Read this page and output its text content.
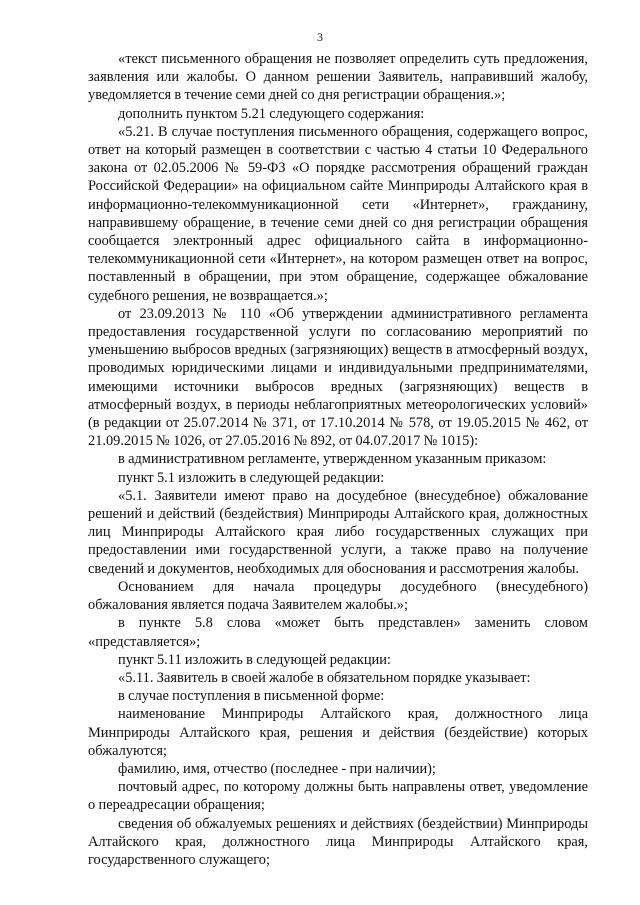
3

«текст письменного обращения не позволяет определить суть предложения, заявления или жалобы. О данном решении Заявитель, направивший жалобу, уведомляется в течение семи дней со дня регистрации обращения.»;

дополнить пунктом 5.21 следующего содержания:

«5.21. В случае поступления письменного обращения, содержащего вопрос, ответ на который размещен в соответствии с частью 4 статьи 10 Федерального закона от 02.05.2006 № 59-ФЗ «О порядке рассмотрения обращений граждан Российской Федерации» на официальном сайте Минприроды Алтайского края в информационно-телекоммуникационной сети «Интернет», гражданину, направившему обращение, в течение семи дней со дня регистрации обращения сообщается электронный адрес официального сайта в информационно-телекоммуникационной сети «Интернет», на котором размещен ответ на вопрос, поставленный в обращении, при этом обращение, содержащее обжалование судебного решения, не возвращается.»;

от 23.09.2013 № 110 «Об утверждении административного регламента предоставления государственной услуги по согласованию мероприятий по уменьшению выбросов вредных (загрязняющих) веществ в атмосферный воздух, проводимых юридическими лицами и индивидуальными предпринимателями, имеющими источники выбросов вредных (загрязняющих) веществ в атмосферный воздух, в периоды неблагоприятных метеорологических условий» (в редакции от 25.07.2014 № 371, от 17.10.2014 № 578, от 19.05.2015 № 462, от 21.09.2015 № 1026, от 27.05.2016 № 892, от 04.07.2017 № 1015):

в административном регламенте, утвержденном указанным приказом:

пункт 5.1 изложить в следующей редакции:

«5.1. Заявители имеют право на досудебное (внесудебное) обжалование решений и действий (бездействия) Минприроды Алтайского края, должностных лиц Минприроды Алтайского края либо государственных служащих при предоставлении ими государственной услуги, а также право на получение сведений и документов, необходимых для обоснования и рассмотрения жалобы.

Основанием для начала процедуры досудебного (внесудебного) обжалования является подача Заявителем жалобы.»;

в пункте 5.8 слова «может быть представлен» заменить словом «представляется»;

пункт 5.11 изложить в следующей редакции:

«5.11. Заявитель в своей жалобе в обязательном порядке указывает:

в случае поступления в письменной форме:

наименование Минприроды Алтайского края, должностного лица Минприроды Алтайского края, решения и действия (бездействие) которых обжалуются;

фамилию, имя, отчество (последнее - при наличии);

почтовый адрес, по которому должны быть направлены ответ, уведомление о переадресации обращения;

сведения об обжалуемых решениях и действиях (бездействии) Минприроды Алтайского края, должностного лица Минприроды Алтайского края, государственного служащего;
